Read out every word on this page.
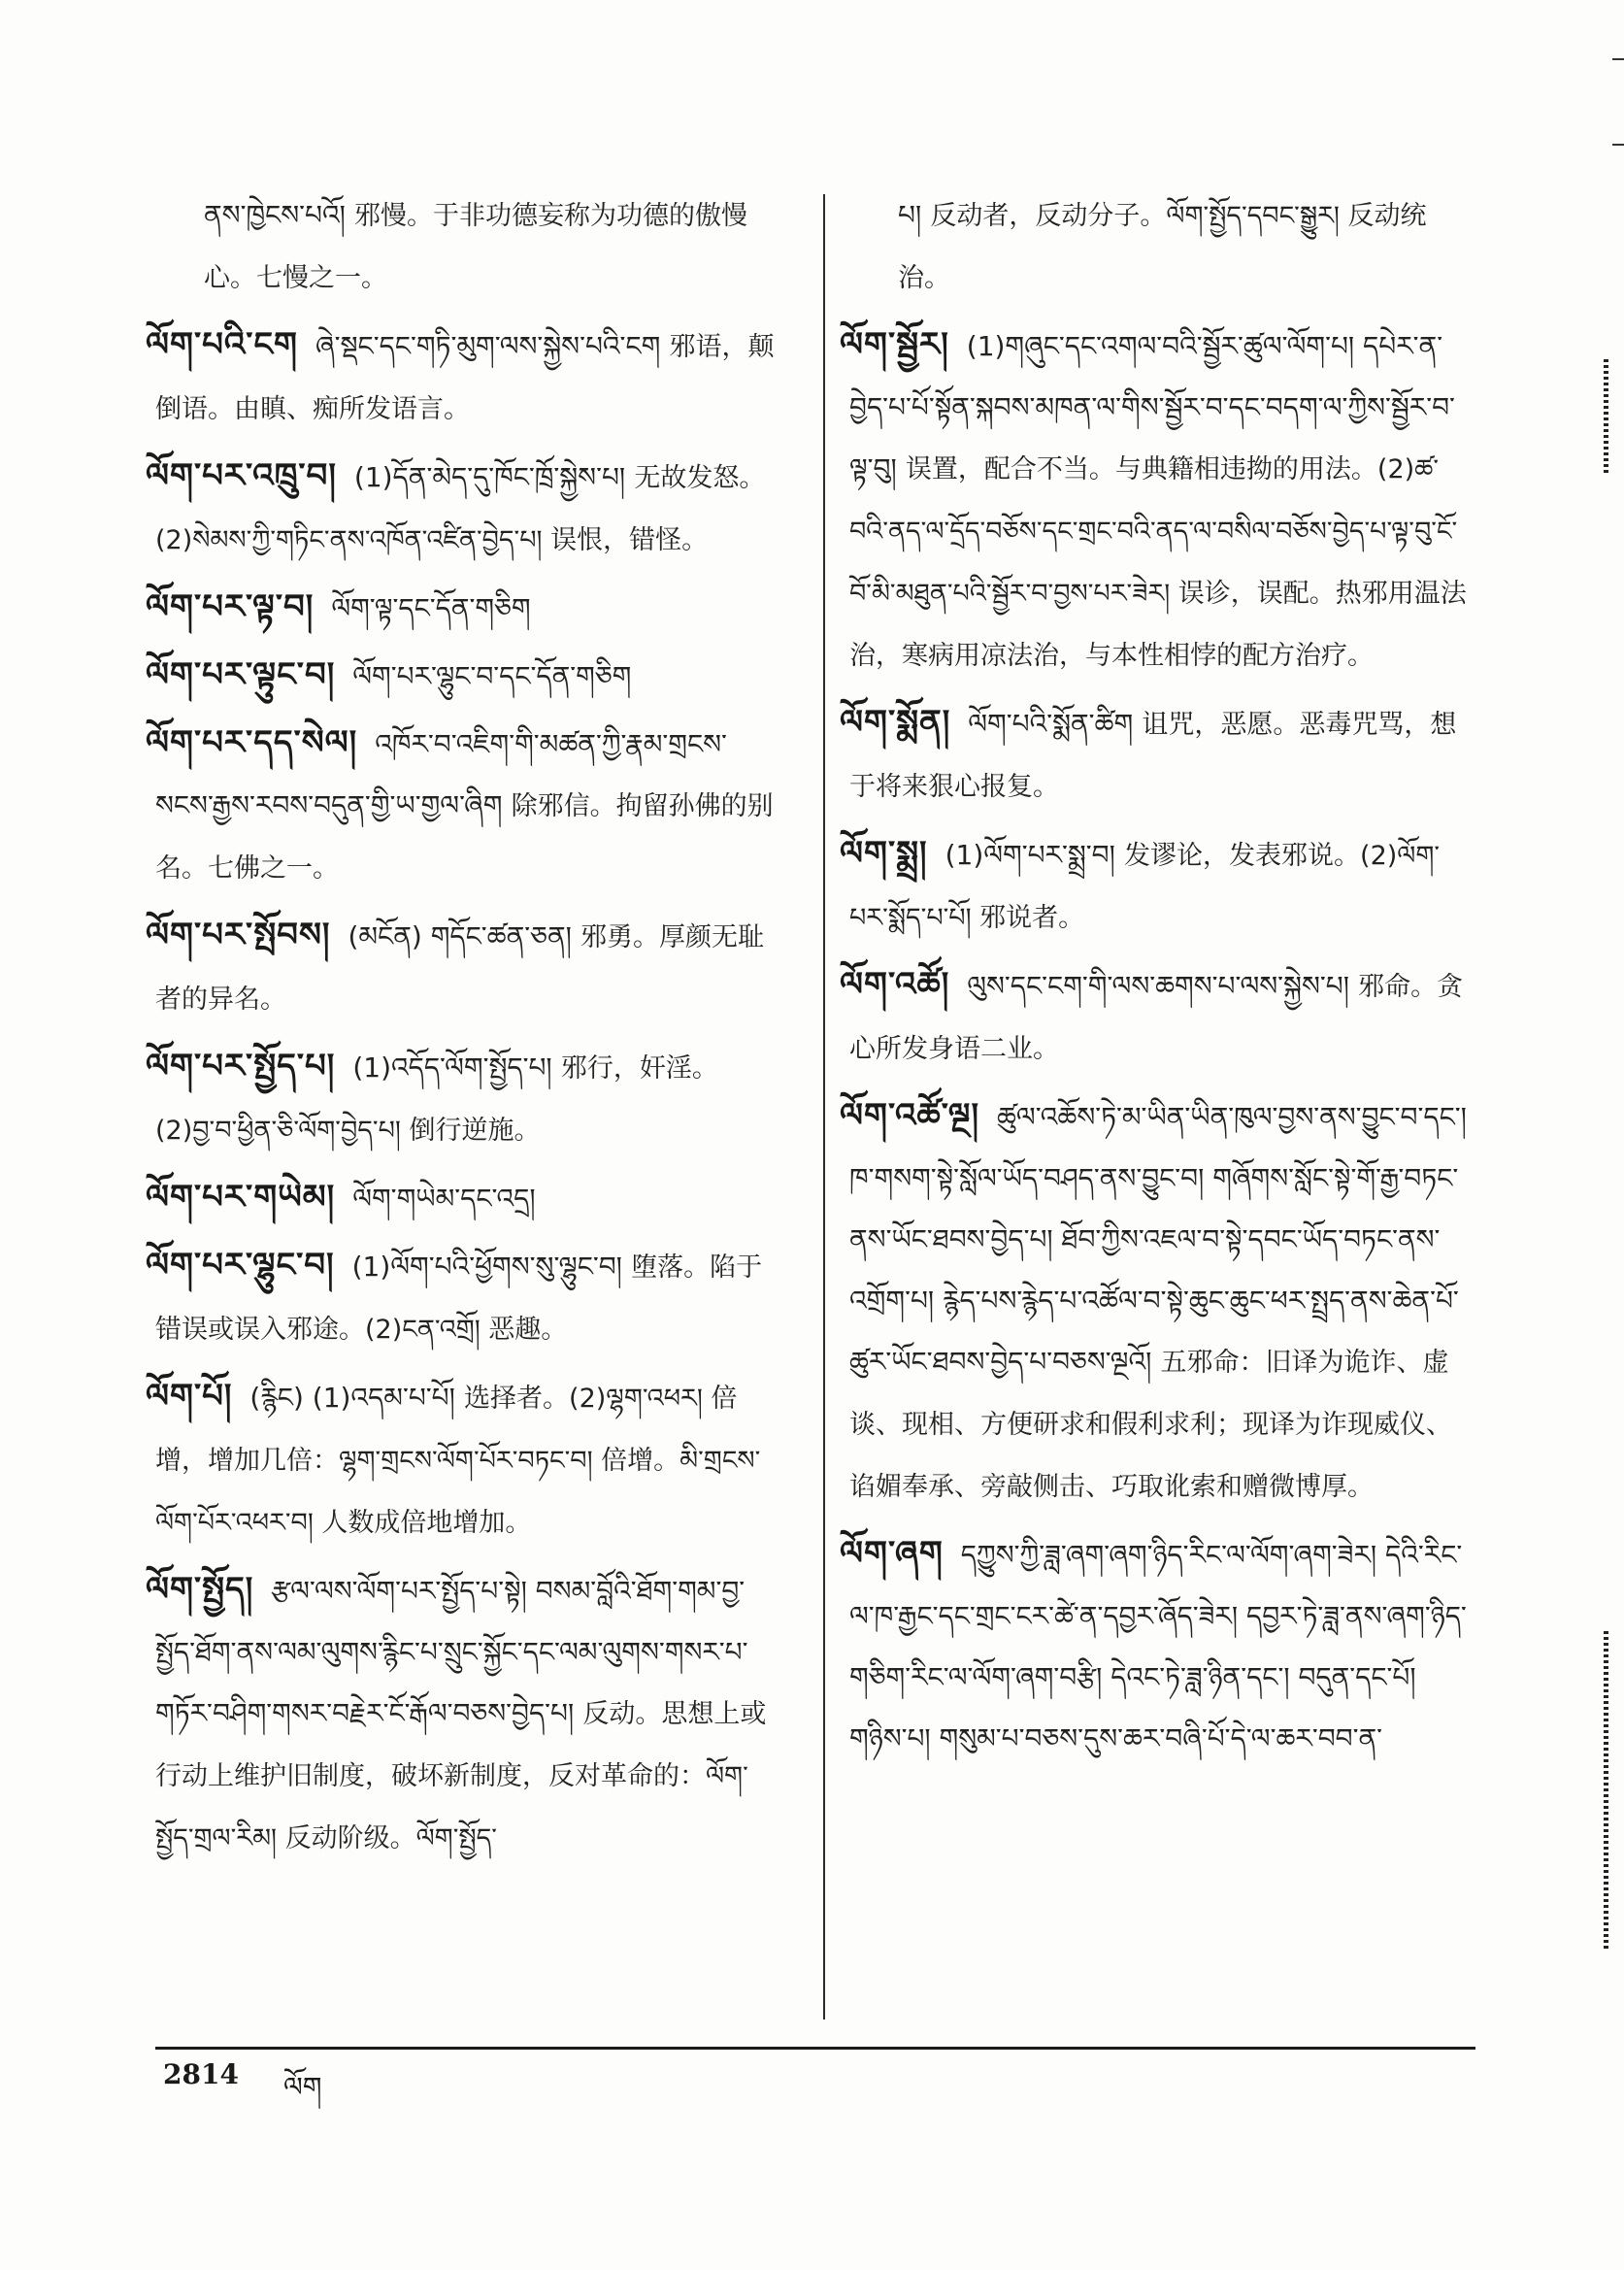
ནས་ཁྱེངས་པའོ། 邪慢。于非功德妄称为功德的傲慢心。七慢之一。
ལོག་པའི་ངག ཞེ་སྡང་དང་གཏི་མུག་ལས་སྐྱེས་པའི་ངག 邪语，颠倒语。由瞋、痴所发语言。
ལོག་པར་འཁྲུ་བ། (1)དོན་མེད་དུ་ཁོང་ཁྲོ་སྐྱེས་པ། 无故发怒。(2)སེམས་ཀྱི་གཏིང་ནས་འཁོན་འཛིན་བྱེད་པ། 误恨，错怪。
ལོག་པར་ལྟ་བ། ལོག་ལྟ་དང་དོན་གཅིག
ལོག་པར་ལྟུང་བ། ལོག་པར་ལྷུང་བ་དང་དོན་གཅིག
ལོག་པར་དད་སེལ། འཁོར་བ་འཇིག་གི་མཚན་ཀྱི་རྣམ་གྲངས་སངས་རྒྱས་རབས་བདུན་གྱི་ཡ་གྱལ་ཞིག 除邪信。拘留孙佛的别名。七佛之一。
ལོག་པར་སྤོབས། (མངོན) གདོང་ཚན་ཅན། 邪勇。厚颜无耻者的异名。
ལོག་པར་སྤྱོད་པ། (1)འདོད་ལོག་སྤྱོད་པ། 邪行，奸淫。(2)བྱ་བ་ཕྱིན་ཅི་ལོག་བྱེད་པ། 倒行逆施。
ལོག་པར་གཡེམ། ལོག་གཡེམ་དང་འདྲ།
ལོག་པར་ལྷུང་བ། (1)ལོག་པའི་ཕྱོགས་སུ་ལྷུང་བ། 堕落。陷于错误或误入邪途。(2)ངན་འགྲོ། 恶趣。
ལོག་པོ། (རྙིང) (1)འདམ་པ་པོ། 选择者。(2)ལྷག་འཕར། 倍增，增加几倍：ལྷག་གྲངས་ལོག་པོར་བཏང་བ། 倍增。མི་གྲངས་ལོག་པོར་འཕར་བ། 人数成倍地增加。
ལོག་སྤྱོད། རྩལ་ལས་ལོག་པར་སྤྱོད་པ་སྟེ། བསམ་བློའི་ཐོག་གམ་བྱ་སྤྱོད་ཐོག་ནས་ལམ་ལུགས་རྙིང་པ་སྲུང་སྐྱོང་དང་ལམ་ལུགས་གསར་པ་གཏོར་བཤིག་གསར་བརྗེར་ངོ་རྒོལ་བཅས་བྱེད་པ། 反动。思想上或行动上维护旧制度，破坏新制度，反对革命的：ལོག་སྤྱོད་གྲལ་རིམ། 反动阶级。ལོག་སྤྱོད་
པ། 反动者，反动分子。ལོག་སྤྱོད་དབང་སྒྱུར། 反动统治。
ལོག་སྦྱོར། (1)གཞུང་དང་འགལ་བའི་སྦྱོར་ཚུལ་ལོག་པ། དཔེར་ན་བྱེད་པ་པོ་སྟོན་སྐབས་མཁན་ལ་གིས་སྦྱོར་བ་དང་བདག་ལ་ཀྱིས་སྦྱོར་བ་ལྟ་བུ། 误置，配合不当。与典籍相违拗的用法。(2)ཚ་བའི་ནད་ལ་དྲོད་བཅོས་དང་གྲང་བའི་ནད་ལ་བསིལ་བཅོས་བྱེད་པ་ལྟ་བུ་ངོ་བོ་མི་མཐུན་པའི་སྦྱོར་བ་བྱས་པར་ཟེར། 误诊，误配。热邪用温法治，寒病用凉法治，与本性相悖的配方治疗。
ལོག་སྨོན། ལོག་པའི་སྨོན་ཚིག 诅咒，恶愿。恶毒咒骂，想于将来狠心报复。
ལོག་སྨྲ། (1)ལོག་པར་སྨྲ་བ། 发谬论，发表邪说。(2)ལོག་པར་སྨོད་པ་པོ། 邪说者。
ལོག་འཚོ། ལུས་དང་ངག་གི་ལས་ཆགས་པ་ལས་སྐྱེས་པ། 邪命。贪心所发身语二业。
ལོག་འཚོ་ལྔ། ཚུལ་འཆོས་ཏེ་མ་ཡིན་ཡིན་ཁུལ་བྱས་ནས་བྱུང་བ་དང་། ཁ་གསག་སྟེ་སློལ་ཡོད་བཤད་ནས་བྱུང་བ། གཞོགས་སློང་སྟེ་གོ་རྒྱ་བཏང་ནས་ཡོང་ཐབས་བྱེད་པ། ཐོབ་ཀྱིས་འཇལ་བ་སྟེ་དབང་ཡོད་བཏང་ནས་འགྲོག་པ། རྙེད་པས་རྙེད་པ་འཚོལ་བ་སྟེ་ཆུང་ཆུང་ཕར་སྤྲད་ནས་ཆེན་པོ་ཚུར་ཡོང་ཐབས་བྱེད་པ་བཅས་ལྔའོ། 五邪命：旧译为诡诈、虚谈、现相、方便研求和假利求利；现译为诈现威仪、谄媚奉承、旁敲侧击、巧取讹索和赠微博厚。
ལོག་ཞག དཀྱུས་ཀྱི་ཟླ་ཞག་ཞག་ཉིད་རིང་ལ་ལོག་ཞག་ཟེར། དེའི་རིང་ལ་ཁ་རྒྱང་དང་གྲང་ངར་ཚེ་ན་དབྱར་ཞོད་ཟེར། དབྱར་ཏེ་ཟླ་ནས་ཞག་ཉིད་གཅིག་རིང་ལ་ལོག་ཞག་བརྩི། དེའང་ཏེ་ཟླ་ཉིན་དང་། བདུན་དང་པོ། གཉིས་པ། གསུམ་པ་བཅས་དུས་ཆར་བཞི་པོ་དེ་ལ་ཆར་བབ་ན་
2814 ལོག
